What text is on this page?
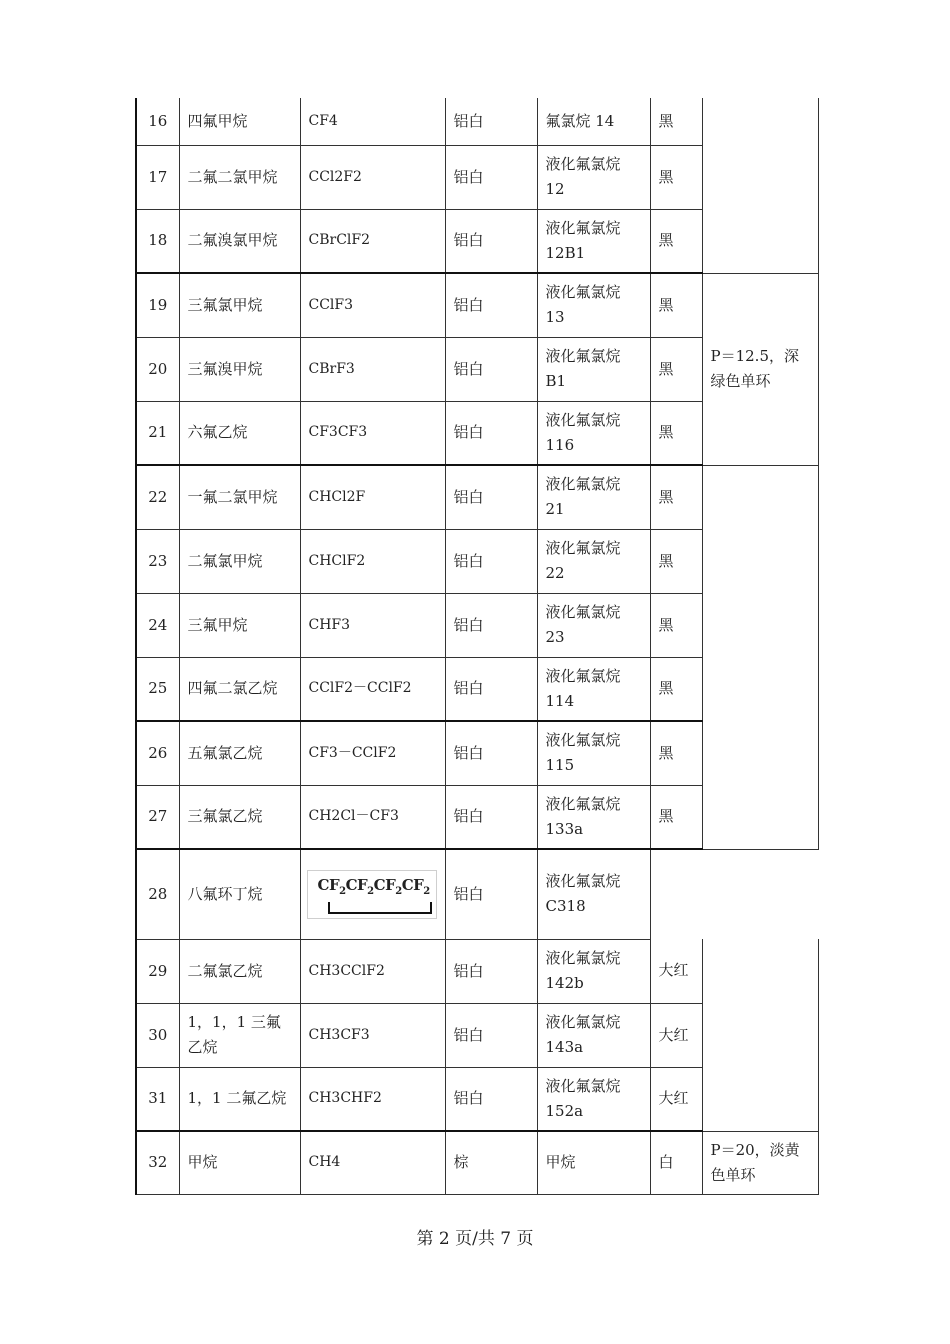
16	四氟甲烷	CF4	铝白	氟氯烷 14	黑	
17	二氟二氯甲烷	CCl2F2	铝白	液化氟氯烷 12	黑	
18	二氟溴氯甲烷	CBrClF2	铝白	液化氟氯烷 12B1	黑	
19	三氟氯甲烷	CClF3	铝白	液化氟氯烷 13	黑	P＝12.5，深绿色单环
20	三氟溴甲烷	CBrF3	铝白	液化氟氯烷 B1	黑	
21	六氟乙烷	CF3CF3	铝白	液化氟氯烷 116	黑	
22	一氟二氯甲烷	CHCl2F	铝白	液化氟氯烷 21	黑	
23	二氟氯甲烷	CHClF2	铝白	液化氟氯烷 22	黑	
24	三氟甲烷	CHF3	铝白	液化氟氯烷 23	黑	
25	四氟二氯乙烷	CClF2－CClF2	铝白	液化氟氯烷 114	黑	
26	五氟氯乙烷	CF3－CClF2	铝白	液化氟氯烷 115	黑	
27	三氟氯乙烷	CH2Cl－CF3	铝白	液化氟氯烷 133a	黑	
28	八氟环丁烷	$CF_2CF_2CF_2CF_2$	铝白	液化氟氯烷 C318		
29	二氟氯乙烷	CH3CClF2	铝白	液化氟氯烷 142b	大红	
30	1，1，1 三氟乙烷	CH3CF3	铝白	液化氟氯烷 143a	大红	
31	1，1 二氟乙烷	CH3CHF2	铝白	液化氟氯烷 152a	大红	
32	甲烷	CH4	棕	甲烷	白	P＝20，淡黄色单环
第 2 页/共 7 页
